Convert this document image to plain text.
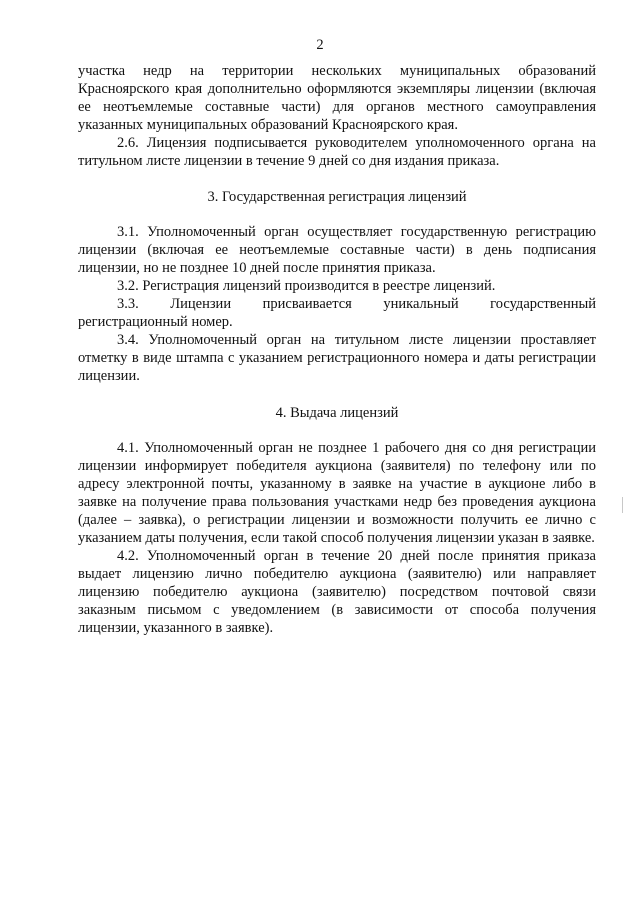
2

участка недр на территории нескольких муниципальных образований Красноярского края дополнительно оформляются экземпляры лицензии (включая ее неотъемлемые составные части) для органов местного самоуправления указанных муниципальных образований Красноярского края.

2.6. Лицензия подписывается руководителем уполномоченного органа на титульном листе лицензии в течение 9 дней со дня издания приказа.

3. Государственная регистрация лицензий

3.1. Уполномоченный орган осуществляет государственную регистрацию лицензии (включая ее неотъемлемые составные части) в день подписания лицензии, но не позднее 10 дней после принятия приказа.

3.2. Регистрация лицензий производится в реестре лицензий.

3.3. Лицензии присваивается уникальный государственный регистрационный номер.

3.4. Уполномоченный орган на титульном листе лицензии проставляет отметку в виде штампа с указанием регистрационного номера и даты регистрации лицензии.

4. Выдача лицензий

4.1. Уполномоченный орган не позднее 1 рабочего дня со дня регистрации лицензии информирует победителя аукциона (заявителя) по телефону или по адресу электронной почты, указанному в заявке на участие в аукционе либо в заявке на получение права пользования участками недр без проведения аукциона (далее – заявка), о регистрации лицензии и возможности получить ее лично с указанием даты получения, если такой способ получения лицензии указан в заявке.

4.2. Уполномоченный орган в течение 20 дней после принятия приказа выдает лицензию лично победителю аукциона (заявителю) или направляет лицензию победителю аукциона (заявителю) посредством почтовой связи заказным письмом с уведомлением (в зависимости от способа получения лицензии, указанного в заявке).
